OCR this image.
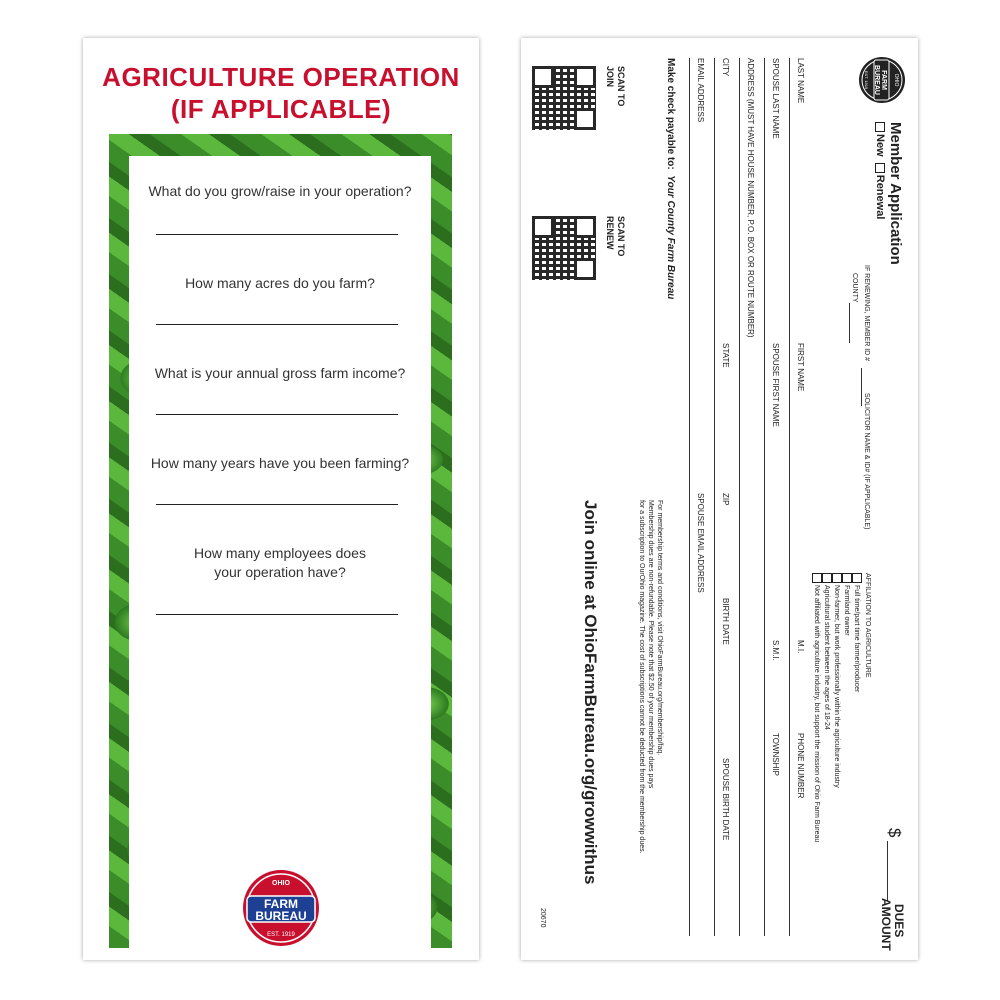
AGRICULTURE OPERATION
(IF APPLICABLE)
What do you grow/raise in your operation?
How many acres do you farm?
What is your annual gross farm income?
How many years have you been farming?
How many employees does
your operation have?
OHIO
FARM
BUREAU
EST. 1919
OHIO
FARM
BUREAU
EST. 1919
Member Application
New  Renewal
$
DUES
AMOUNT
IF RENEWING, MEMBER ID #
SOLICITOR NAME & ID# (IF APPLICABLE)
COUNTY
AFFILIATION TO AGRICULTURE
Full time/part time farmer/producer
Farmland owner
Non-farmer, but work professionally within the agriculture industry
Agricultural student between the ages of 18-24
Not affiliated with agriculture industry, but support the mission of Ohio Farm Bureau
LAST NAME
FIRST NAME
M.I.
PHONE NUMBER
SPOUSE LAST NAME
SPOUSE FIRST NAME
S.M.I.
TOWNSHIP
ADDRESS (MUST HAVE HOUSE NUMBER, P.O. BOX OR ROUTE NUMBER)
CITY
STATE
ZIP
BIRTH DATE
SPOUSE BIRTH DATE
EMAIL ADDRESS
SPOUSE EMAIL ADDRESS
Make check payable to:  Your County Farm Bureau
For membership terms and conditions, visit OhioFarmBureau.org/membership/faq.
Membership dues are non-refundable. Please note that $2.50 of your membership dues pays
for a subscription to OurOhio magazine. The cost of subscriptions cannot be deducted from the membership dues.
SCAN TO
JOIN
SCAN TO
RENEW
Join online at OhioFarmBureau.org/growwithus
20670
